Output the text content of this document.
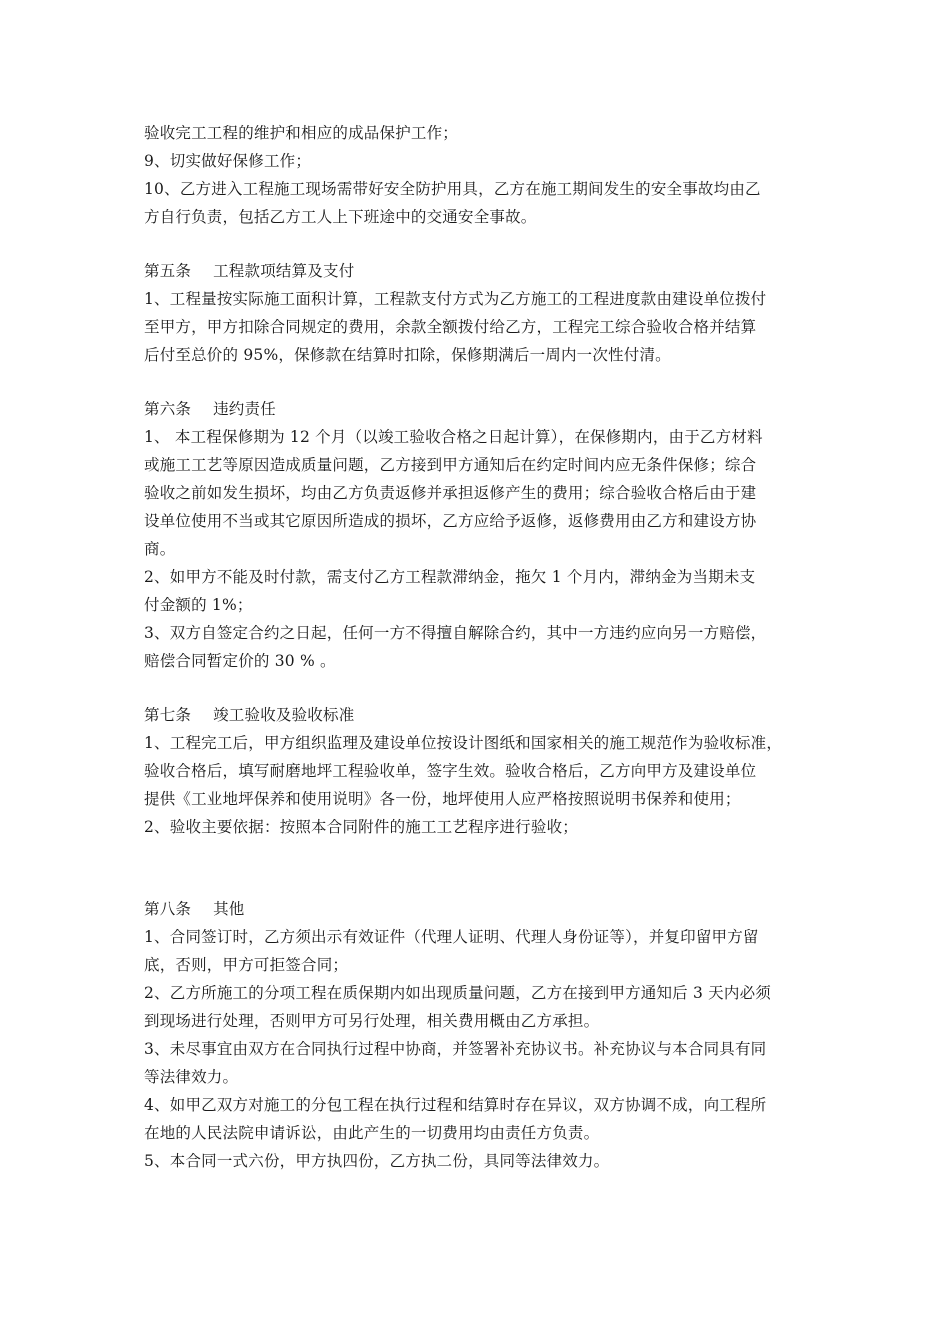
验收完工工程的维护和相应的成品保护工作；
9、切实做好保修工作；
10、乙方进入工程施工现场需带好安全防护用具，乙方在施工期间发生的安全事故均由乙
方自行负责，包括乙方工人上下班途中的交通安全事故。
第五条 工程款项结算及支付
1、工程量按实际施工面积计算，工程款支付方式为乙方施工的工程进度款由建设单位拨付
至甲方，甲方扣除合同规定的费用，余款全额拨付给乙方，工程完工综合验收合格并结算
后付至总价的 95%，保修款在结算时扣除，保修期满后一周内一次性付清。
第六条 违约责任
1、 本工程保修期为 12 个月（以竣工验收合格之日起计算），在保修期内，由于乙方材料
或施工工艺等原因造成质量问题，乙方接到甲方通知后在约定时间内应无条件保修；综合
验收之前如发生损坏，均由乙方负责返修并承担返修产生的费用；综合验收合格后由于建
设单位使用不当或其它原因所造成的损坏，乙方应给予返修，返修费用由乙方和建设方协
商。
2、如甲方不能及时付款，需支付乙方工程款滞纳金，拖欠 1 个月内，滞纳金为当期未支
付金额的 1%；
3、双方自签定合约之日起，任何一方不得擅自解除合约，其中一方违约应向另一方赔偿，
赔偿合同暂定价的 30 % 。
第七条 竣工验收及验收标准
1、工程完工后，甲方组织监理及建设单位按设计图纸和国家相关的施工规范作为验收标准，
验收合格后，填写耐磨地坪工程验收单，签字生效。验收合格后，乙方向甲方及建设单位
提供《工业地坪保养和使用说明》各一份，地坪使用人应严格按照说明书保养和使用；
2、验收主要依据：按照本合同附件的施工工艺程序进行验收；
第八条 其他
1、合同签订时，乙方须出示有效证件（代理人证明、代理人身份证等），并复印留甲方留
底，否则，甲方可拒签合同；
2、乙方所施工的分项工程在质保期内如出现质量问题，乙方在接到甲方通知后 3 天内必须
到现场进行处理，否则甲方可另行处理，相关费用概由乙方承担。
3、未尽事宜由双方在合同执行过程中协商，并签署补充协议书。补充协议与本合同具有同
等法律效力。
4、如甲乙双方对施工的分包工程在执行过程和结算时存在异议，双方协调不成，向工程所
在地的人民法院申请诉讼，由此产生的一切费用均由责任方负责。
5、本合同一式六份，甲方执四份，乙方执二份，具同等法律效力。
